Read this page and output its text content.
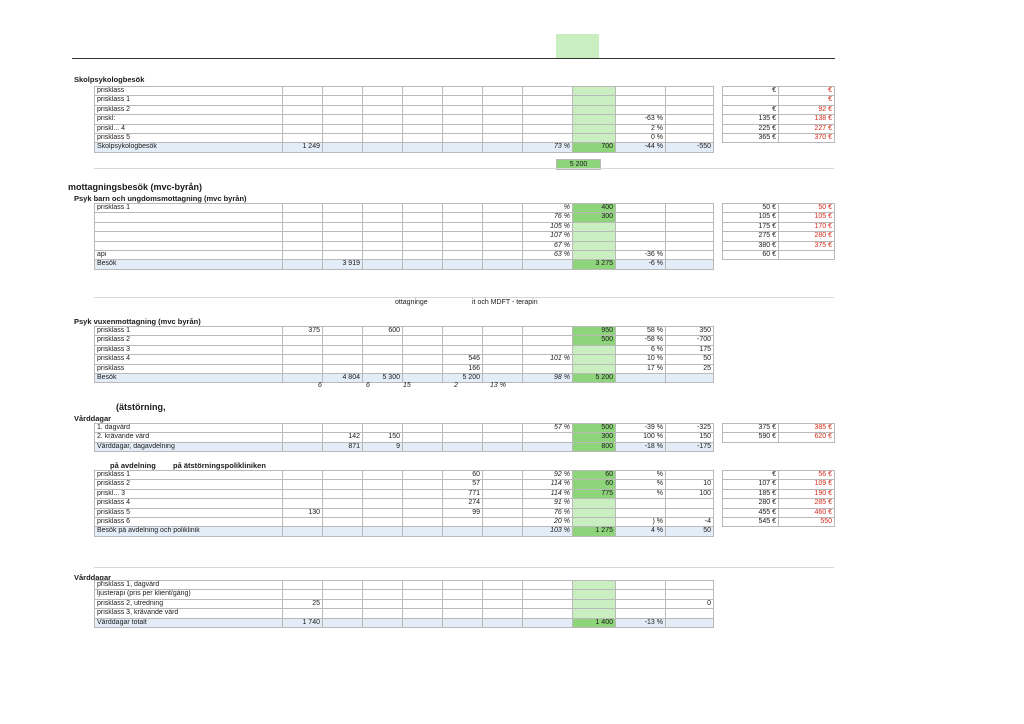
Skolpsykologbesök
prisklass										
prisklass 1										
prisklass 2										
priskl:									-63 %	
priskl... 4									2 %	
prisklass 5									0 %	
Skolpsykologbesök	1 249						73 %	700	-44 %	-550
€	€
	€
€	92 €
135 €	138 €
225 €	227 €
365 €	370 €
5 200
mottagningsbesök (mvc-byrån)
Psyk barn och ungdomsmottagning (mvc byrån)
prisklass 1							%	400		
							76 %	300		
							105 %			
							107 %			
							67 %			
api							63 %		-36 %	
Besök		3 919						3 275	-6 %	
50 €	50 €
105 €	105 €
175 €	170 €
275 €	280 €
380 €	375 €
60 €	
ottagninge	it och MDFT - terapin
Psyk vuxenmottagning (mvc byrån)
prisklass 1	375		600					950	58 %	350
prisklass 2								500	-58 %	-700
prisklass 3									6 %	175
prisklass 4					546		101 %		10 %	50
prisklass					166				17 %	25
Besök		4 804	5 300		5 200		98 %	5 200		
6	6	15	2	13 %
(ätstörning,
Vårddagar
1. dagvård							57 %	500	-39 %	-325
2. krävande vård		142	150					300	100 %	150
Vårddagar, dagavdelning		871	9					800	-18 %	-175
375 €	385 €
590 €	620 €
på avdelning på ätstörningspolikliniken
prisklass 1					60		92 %	60	%	
prisklass 2					57		114 %	60	%	10
priskl... 3					771		114 %	775	%	100
prisklass 4					274		91 %			
prisklass 5	130				99		76 %			
prisklass 6							20 %		) %	-4
Besök på avdelning och poliklinik							103 %	1 275	4 %	50
€	56 €
107 €	109 €
185 €	190 €
280 €	285 €
455 €	460 €
545 €	550
Vårddagar
prisklass 1, dagvård										
ljusterapi (pris per klient/gång)										
prisklass 2, utredning	25									0
prisklass 3, krävande vård										
Vårddagar totalt	1 740							1 400	-13 %	
